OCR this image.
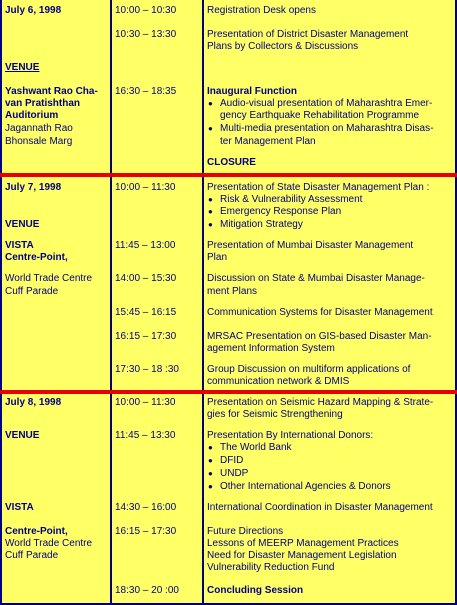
July 6, 1998
VENUE
Yashwant Rao Cha-
van Pratishthan
Auditorium
Jagannath Rao
Bhonsale Marg
10:00 – 10:30	Registration Desk opens
10:30 – 13:30	Presentation of District Disaster Management
Plans by Collectors & Discussions
16:30 – 18:35	Inaugural Function
● Audio-visual presentation of Maharashtra Emer-
gency Earthquake Rehabilitation Programme
● Multi-media presentation on Maharashtra Disas-
ter Management Plan
CLOSURE
July 7, 1998
VENUE
VISTA
Centre-Point,
World Trade Centre
Cuff Parade
10:00 – 11:30	Presentation of State Disaster Management Plan :
● Risk & Vulnerability Assessment
● Emergency Response Plan
● Mitigation Strategy
11:45 – 13:00	Presentation of Mumbai Disaster Management
Plan
14:00 – 15:30	Discussion on State & Mumbai Disaster Manage-
ment Plans
15:45 – 16:15	Communication Systems for Disaster Management
16:15 – 17:30	MRSAC Presentation on GIS-based Disaster Man-
agement Information System
17:30 – 18 :30	Group Discussion on multiform applications of
communication network & DMIS
July 8, 1998
VENUE
VISTA
Centre-Point,
World Trade Centre
Cuff Parade
10:00 – 11:30	Presentation on Seismic Hazard Mapping & Strate-
gies for Seismic Strengthening
11:45 – 13:30	Presentation By International Donors:
● The World Bank
● DFID
● UNDP
● Other International Agencies & Donors
14:30 – 16:00	International Coordination in Disaster Management
16:15 – 17:30	Future Directions
Lessons of MEERP Management Practices
Need for Disaster Management Legislation
Vulnerability Reduction Fund
18:30 – 20 :00	Concluding Session
